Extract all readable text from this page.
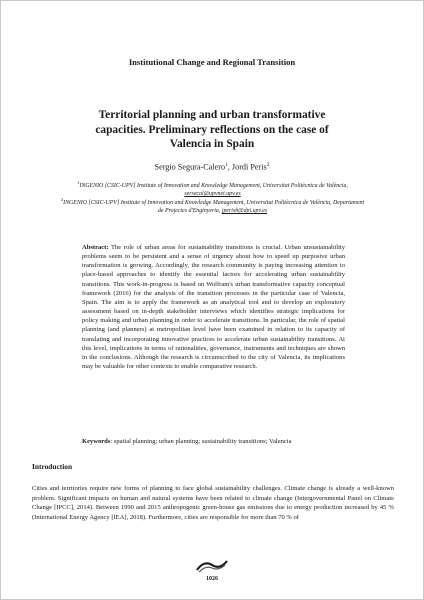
Institutional Change and Regional Transition
Territorial planning and urban transformative capacities. Preliminary reflections on the case of Valencia in Spain
Sergio Segura-Calero$^1$, Jordi Peris$^2$
$^1$INGENIO [CSIC-UPV] Institute of Innovation and Knowledge Management, Universitat Politècnica de València, sersecal@upvnet.upv.es
$^2$INGENIO [CSIC-UPV] Institute of Innovation and Knowledge Management, Universitat Politècnica de València, Departament de Projectes d'Enginyeria, jperisb@dpi.upv.es
Abstract: The role of urban areas for sustainability transitions is crucial. Urban unsustainability problems seem to be persistent and a sense of urgency about how to speed up purposive urban transformation is growing. Accordingly, the research community is paying increasing attention to place-based approaches to identify the essential factors for accelerating urban sustainability transitions. This work-in-progress is based on Wolfram's urban transformative capacity conceptual framework (2016) for the analysis of the transition processes in the particular case of Valencia, Spain. The aim is to apply the framework as an analytical tool and to develop an exploratory assessment based on in-depth stakeholder interviews which identifies strategic implications for policy making and urban planning in order to accelerate transitions. In particular, the role of spatial planning (and planners) at metropolitan level have been examined in relation to its capacity of translating and incorporating innovative practices to accelerate urban sustainability transitions. At this level, implications in terms of rationalities, governance, instruments and techniques are shown in the conclusions. Although the research is circumscribed to the city of Valencia, its implications may be valuable for other contexts to enable comparative research.
Keywords: spatial planning; urban planning; sustainability transitions; Valencia
Introduction
Cities and territories require new forms of planning to face global sustainability challenges. Climate change is already a well-known problem. Significant impacts on human and natural systems have been related to climate change (Intergovernmental Panel on Climate Change [IPCC], 2014). Between 1990 and 2015 anthropogenic green-house gas emissions due to energy production increased by 45 % (International Energy Agency [IEA], 2018). Furthermore, cities are responsible for more than 70 % of
1026
